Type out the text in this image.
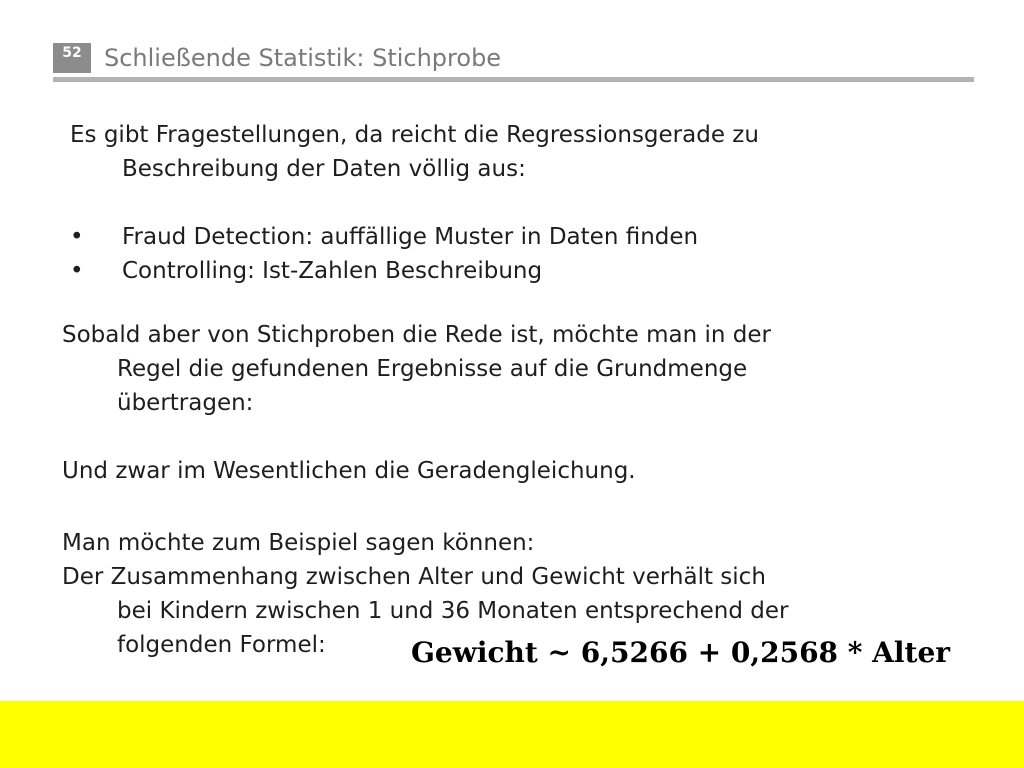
52 Schließende Statistik: Stichprobe
Es gibt Fragestellungen, da reicht die Regressionsgerade zu
Beschreibung der Daten völlig aus:
•	Fraud Detection: auffällige Muster in Daten finden
•	Controlling: Ist-Zahlen Beschreibung
Sobald aber von Stichproben die Rede ist, möchte man in der
Regel die gefundenen Ergebnisse auf die Grundmenge
übertragen:
Und zwar im Wesentlichen die Geradengleichung.
Man möchte zum Beispiel sagen können:
Der Zusammenhang zwischen Alter und Gewicht verhält sich
bei Kindern zwischen 1 und 36 Monaten entsprechend der
folgenden Formel:	Gewicht ~ 6,5266 + 0,2568 * Alter
